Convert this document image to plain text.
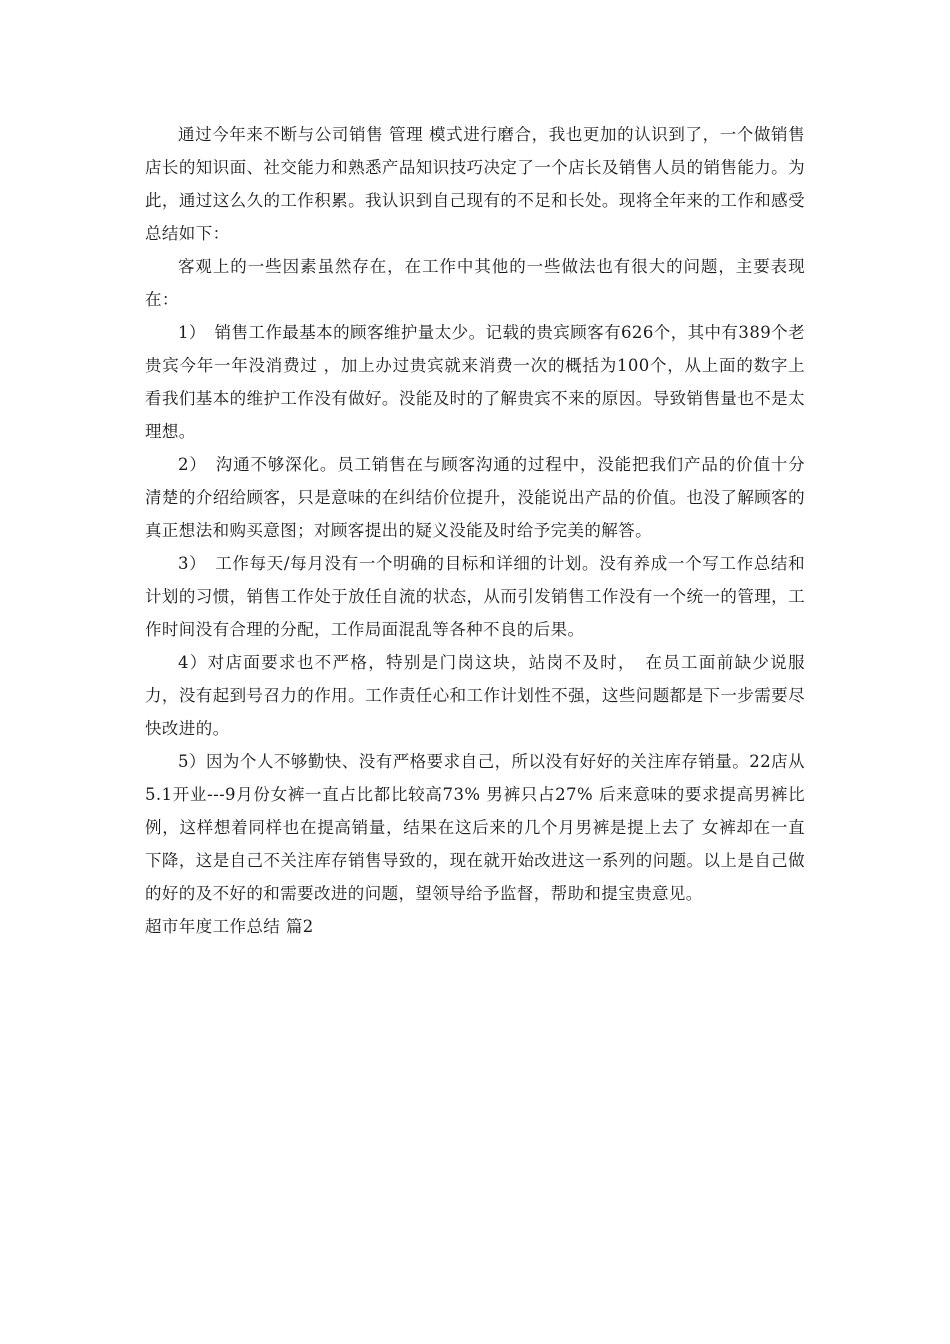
通过今年来不断与公司销售 管理 模式进行磨合，我也更加的认识到了，一个做销售店长的知识面、社交能力和熟悉产品知识技巧决定了一个店长及销售人员的销售能力。为此，通过这么久的工作积累。我认识到自己现有的不足和长处。现将全年来的工作和感受总结如下：

客观上的一些因素虽然存在，在工作中其他的一些做法也有很大的问题，主要表现在：

1）　销售工作最基本的顾客维护量太少。记载的贵宾顾客有626个，其中有389个老贵宾今年一年没消费过 ，加上办过贵宾就来消费一次的概括为100个，从上面的数字上看我们基本的维护工作没有做好。没能及时的了解贵宾不来的原因。导致销售量也不是太理想。

2）　沟通不够深化。员工销售在与顾客沟通的过程中，没能把我们产品的价值十分清楚的介绍给顾客，只是意味的在纠结价位提升，没能说出产品的价值。也没了解顾客的真正想法和购买意图；对顾客提出的疑义没能及时给予完美的解答。

3）　工作每天/每月没有一个明确的目标和详细的计划。没有养成一个写工作总结和计划的习惯，销售工作处于放任自流的状态，从而引发销售工作没有一个统一的管理，工作时间没有合理的分配，工作局面混乱等各种不良的后果。

4）对店面要求也不严格，特别是门岗这块，站岗不及时，　在员工面前缺少说服力，没有起到号召力的作用。工作责任心和工作计划性不强，这些问题都是下一步需要尽快改进的。

5）因为个人不够勤快、没有严格要求自己，所以没有好好的关注库存销量。22店从5.1开业---9月份女裤一直占比都比较高73% 男裤只占27% 后来意味的要求提高男裤比例，这样想着同样也在提高销量，结果在这后来的几个月男裤是提上去了 女裤却在一直下降，这是自己不关注库存销售导致的，现在就开始改进这一系列的问题。以上是自己做的好的及不好的和需要改进的问题，望领导给予监督，帮助和提宝贵意见。

超市年度工作总结 篇2
